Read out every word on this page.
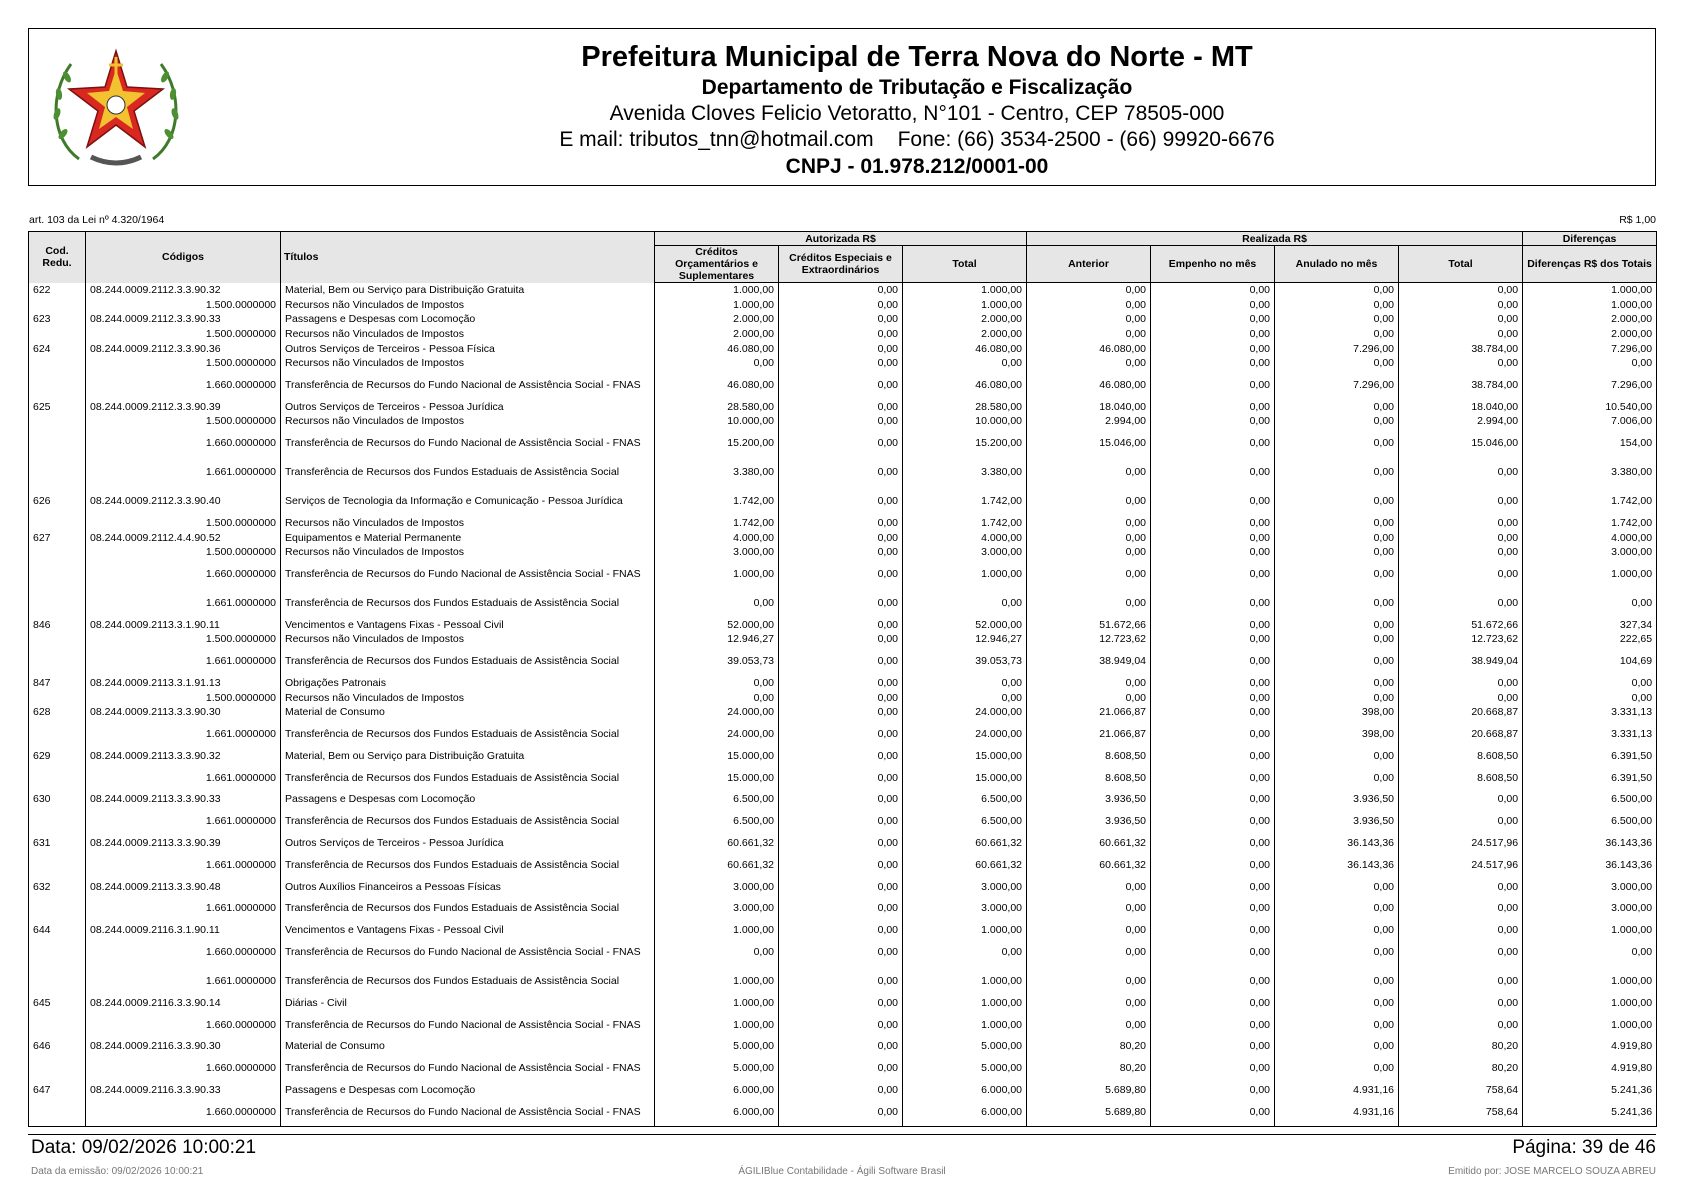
Prefeitura Municipal de Terra Nova do Norte - MT
Departamento de Tributação e Fiscalização
Avenida Cloves Felicio Vetoratto, N°101 - Centro, CEP 78505-000
E mail: tributos_tnn@hotmail.com Fone: (66) 3534-2500 - (66) 99920-6676
CNPJ - 01.978.212/0001-00
art. 103 da Lei nº 4.320/1964	R$ 1,00
Cod. Redu.	Códigos	Títulos	Autorizada R$			Realizada R$				Diferenças
			Créditos Orçamentários e Suplementares	Créditos Especiais e Extraordinários	Total	Anterior	Empenho no mês	Anulado no mês	Total	Diferenças R$ dos Totais
622	08.244.0009.2112.3.3.90.32	Material, Bem ou Serviço para Distribuição Gratuita	1.000,00	0,00	1.000,00	0,00	0,00	0,00	0,00	1.000,00
	1.500.0000000	Recursos não Vinculados de Impostos	1.000,00	0,00	1.000,00	0,00	0,00	0,00	0,00	1.000,00
623	08.244.0009.2112.3.3.90.33	Passagens e Despesas com Locomoção	2.000,00	0,00	2.000,00	0,00	0,00	0,00	0,00	2.000,00
	1.500.0000000	Recursos não Vinculados de Impostos	2.000,00	0,00	2.000,00	0,00	0,00	0,00	0,00	2.000,00
624	08.244.0009.2112.3.3.90.36	Outros Serviços de Terceiros - Pessoa Física	46.080,00	0,00	46.080,00	46.080,00	0,00	7.296,00	38.784,00	7.296,00
	1.500.0000000	Recursos não Vinculados de Impostos	0,00	0,00	0,00	0,00	0,00	0,00	0,00	0,00
	1.660.0000000	Transferência de Recursos do Fundo Nacional de Assistência Social - FNAS	46.080,00	0,00	46.080,00	46.080,00	0,00	7.296,00	38.784,00	7.296,00
625	08.244.0009.2112.3.3.90.39	Outros Serviços de Terceiros - Pessoa Jurídica	28.580,00	0,00	28.580,00	18.040,00	0,00	0,00	18.040,00	10.540,00
	1.500.0000000	Recursos não Vinculados de Impostos	10.000,00	0,00	10.000,00	2.994,00	0,00	0,00	2.994,00	7.006,00
	1.660.0000000	Transferência de Recursos do Fundo Nacional de Assistência Social - FNAS	15.200,00	0,00	15.200,00	15.046,00	0,00	0,00	15.046,00	154,00
	1.661.0000000	Transferência de Recursos dos Fundos Estaduais de Assistência Social	3.380,00	0,00	3.380,00	0,00	0,00	0,00	0,00	3.380,00
626	08.244.0009.2112.3.3.90.40	Serviços de Tecnologia da Informação e Comunicação - Pessoa Jurídica	1.742,00	0,00	1.742,00	0,00	0,00	0,00	0,00	1.742,00
	1.500.0000000	Recursos não Vinculados de Impostos	1.742,00	0,00	1.742,00	0,00	0,00	0,00	0,00	1.742,00
627	08.244.0009.2112.4.4.90.52	Equipamentos e Material Permanente	4.000,00	0,00	4.000,00	0,00	0,00	0,00	0,00	4.000,00
	1.500.0000000	Recursos não Vinculados de Impostos	3.000,00	0,00	3.000,00	0,00	0,00	0,00	0,00	3.000,00
	1.660.0000000	Transferência de Recursos do Fundo Nacional de Assistência Social - FNAS	1.000,00	0,00	1.000,00	0,00	0,00	0,00	0,00	1.000,00
	1.661.0000000	Transferência de Recursos dos Fundos Estaduais de Assistência Social	0,00	0,00	0,00	0,00	0,00	0,00	0,00	0,00
846	08.244.0009.2113.3.1.90.11	Vencimentos e Vantagens Fixas - Pessoal Civil	52.000,00	0,00	52.000,00	51.672,66	0,00	0,00	51.672,66	327,34
	1.500.0000000	Recursos não Vinculados de Impostos	12.946,27	0,00	12.946,27	12.723,62	0,00	0,00	12.723,62	222,65
	1.661.0000000	Transferência de Recursos dos Fundos Estaduais de Assistência Social	39.053,73	0,00	39.053,73	38.949,04	0,00	0,00	38.949,04	104,69
847	08.244.0009.2113.3.1.91.13	Obrigações Patronais	0,00	0,00	0,00	0,00	0,00	0,00	0,00	0,00
	1.500.0000000	Recursos não Vinculados de Impostos	0,00	0,00	0,00	0,00	0,00	0,00	0,00	0,00
628	08.244.0009.2113.3.3.90.30	Material de Consumo	24.000,00	0,00	24.000,00	21.066,87	0,00	398,00	20.668,87	3.331,13
	1.661.0000000	Transferência de Recursos dos Fundos Estaduais de Assistência Social	24.000,00	0,00	24.000,00	21.066,87	0,00	398,00	20.668,87	3.331,13
629	08.244.0009.2113.3.3.90.32	Material, Bem ou Serviço para Distribuição Gratuita	15.000,00	0,00	15.000,00	8.608,50	0,00	0,00	8.608,50	6.391,50
	1.661.0000000	Transferência de Recursos dos Fundos Estaduais de Assistência Social	15.000,00	0,00	15.000,00	8.608,50	0,00	0,00	8.608,50	6.391,50
630	08.244.0009.2113.3.3.90.33	Passagens e Despesas com Locomoção	6.500,00	0,00	6.500,00	3.936,50	0,00	3.936,50	0,00	6.500,00
	1.661.0000000	Transferência de Recursos dos Fundos Estaduais de Assistência Social	6.500,00	0,00	6.500,00	3.936,50	0,00	3.936,50	0,00	6.500,00
631	08.244.0009.2113.3.3.90.39	Outros Serviços de Terceiros - Pessoa Jurídica	60.661,32	0,00	60.661,32	60.661,32	0,00	36.143,36	24.517,96	36.143,36
	1.661.0000000	Transferência de Recursos dos Fundos Estaduais de Assistência Social	60.661,32	0,00	60.661,32	60.661,32	0,00	36.143,36	24.517,96	36.143,36
632	08.244.0009.2113.3.3.90.48	Outros Auxílios Financeiros a Pessoas Físicas	3.000,00	0,00	3.000,00	0,00	0,00	0,00	0,00	3.000,00
	1.661.0000000	Transferência de Recursos dos Fundos Estaduais de Assistência Social	3.000,00	0,00	3.000,00	0,00	0,00	0,00	0,00	3.000,00
644	08.244.0009.2116.3.1.90.11	Vencimentos e Vantagens Fixas - Pessoal Civil	1.000,00	0,00	1.000,00	0,00	0,00	0,00	0,00	1.000,00
	1.660.0000000	Transferência de Recursos do Fundo Nacional de Assistência Social - FNAS	0,00	0,00	0,00	0,00	0,00	0,00	0,00	0,00
	1.661.0000000	Transferência de Recursos dos Fundos Estaduais de Assistência Social	1.000,00	0,00	1.000,00	0,00	0,00	0,00	0,00	1.000,00
645	08.244.0009.2116.3.3.90.14	Diárias - Civil	1.000,00	0,00	1.000,00	0,00	0,00	0,00	0,00	1.000,00
	1.660.0000000	Transferência de Recursos do Fundo Nacional de Assistência Social - FNAS	1.000,00	0,00	1.000,00	0,00	0,00	0,00	0,00	1.000,00
646	08.244.0009.2116.3.3.90.30	Material de Consumo	5.000,00	0,00	5.000,00	80,20	0,00	0,00	80,20	4.919,80
	1.660.0000000	Transferência de Recursos do Fundo Nacional de Assistência Social - FNAS	5.000,00	0,00	5.000,00	80,20	0,00	0,00	80,20	4.919,80
647	08.244.0009.2116.3.3.90.33	Passagens e Despesas com Locomoção	6.000,00	0,00	6.000,00	5.689,80	0,00	4.931,16	758,64	5.241,36
	1.660.0000000	Transferência de Recursos do Fundo Nacional de Assistência Social - FNAS	6.000,00	0,00	6.000,00	5.689,80	0,00	4.931,16	758,64	5.241,36
Data: 09/02/2026 10:00:21	Página: 39 de 46
Data da emissão: 09/02/2026 10:00:21	ÁGILIBlue Contabilidade - Ágili Software Brasil	Emitido por: JOSE MARCELO SOUZA ABREU
